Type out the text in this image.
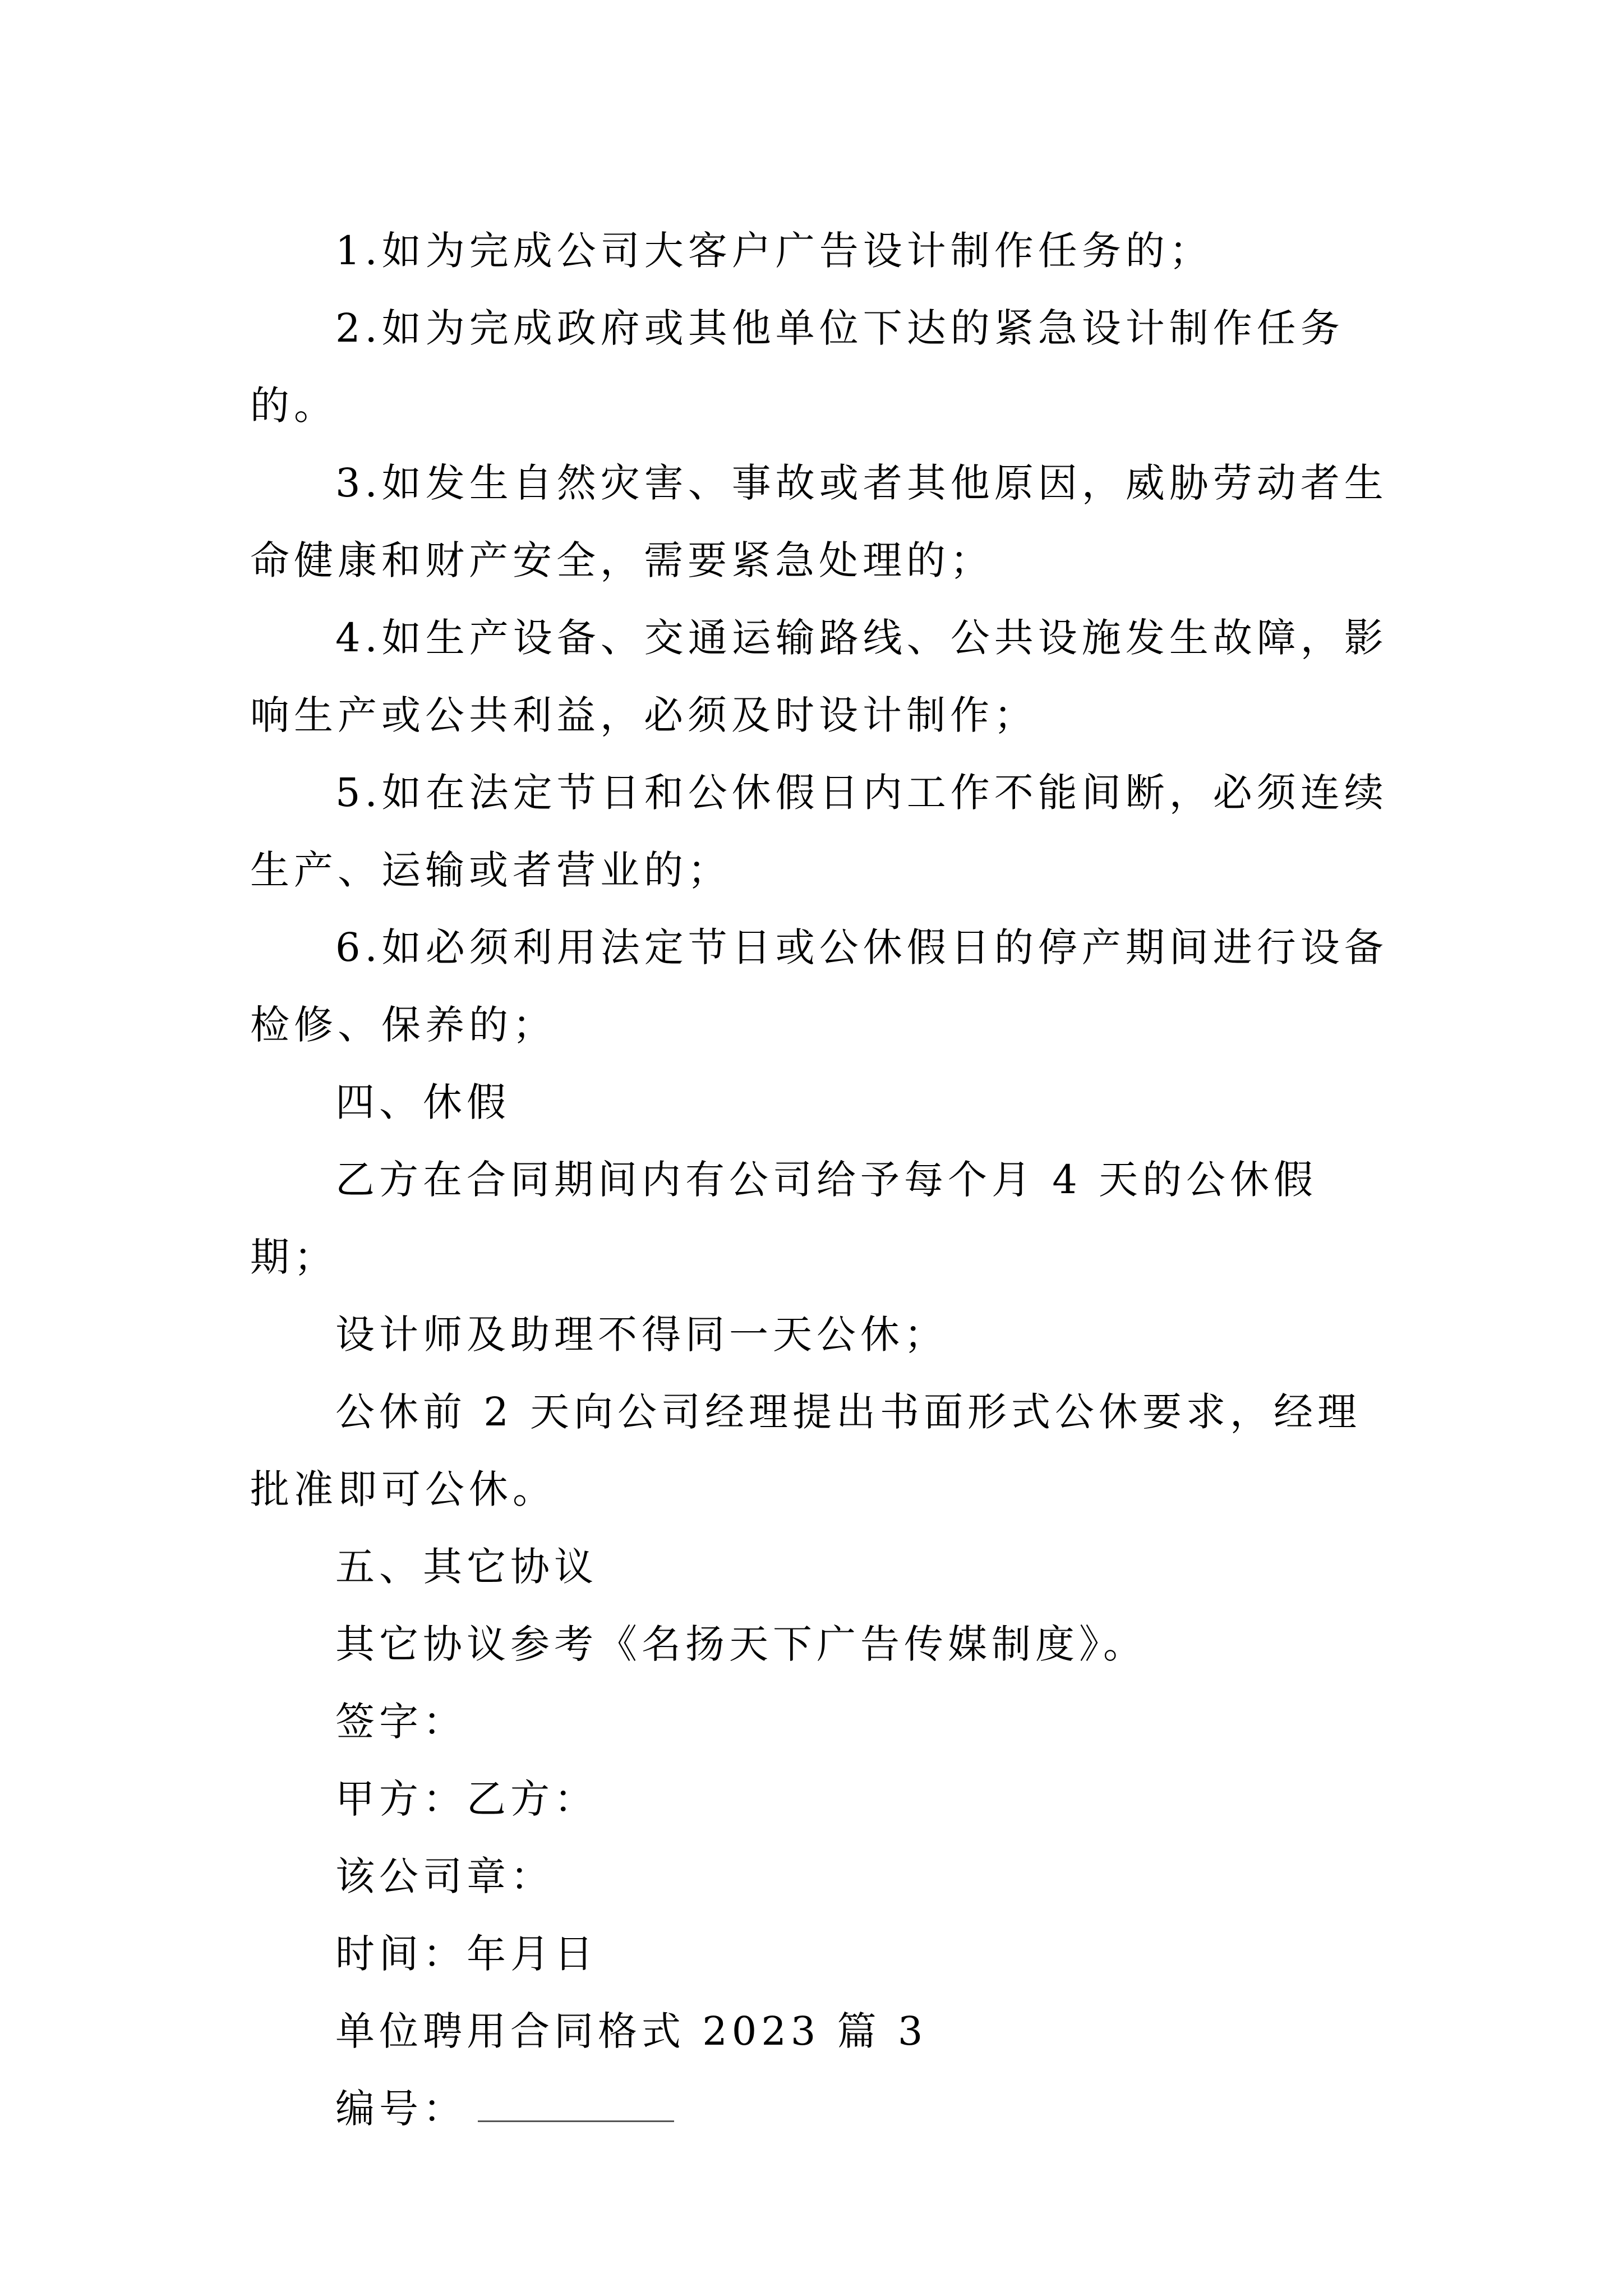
1.如为完成公司大客户广告设计制作任务的；

2.如为完成政府或其他单位下达的紧急设计制作任务的。

3.如发生自然灾害、事故或者其他原因，威胁劳动者生命健康和财产安全，需要紧急处理的；

4.如生产设备、交通运输路线、公共设施发生故障，影响生产或公共利益，必须及时设计制作；

5.如在法定节日和公休假日内工作不能间断，必须连续生产、运输或者营业的；

6.如必须利用法定节日或公休假日的停产期间进行设备检修、保养的；

四、休假

乙方在合同期间内有公司给予每个月 4 天的公休假期；

设计师及助理不得同一天公休；

公休前 2 天向公司经理提出书面形式公休要求，经理批准即可公休。

五、其它协议

其它协议参考《名扬天下广告传媒制度》。

签字：

甲方：乙方：

该公司章：

时间：年月日

单位聘用合同格式 2023 篇 3

编号：
